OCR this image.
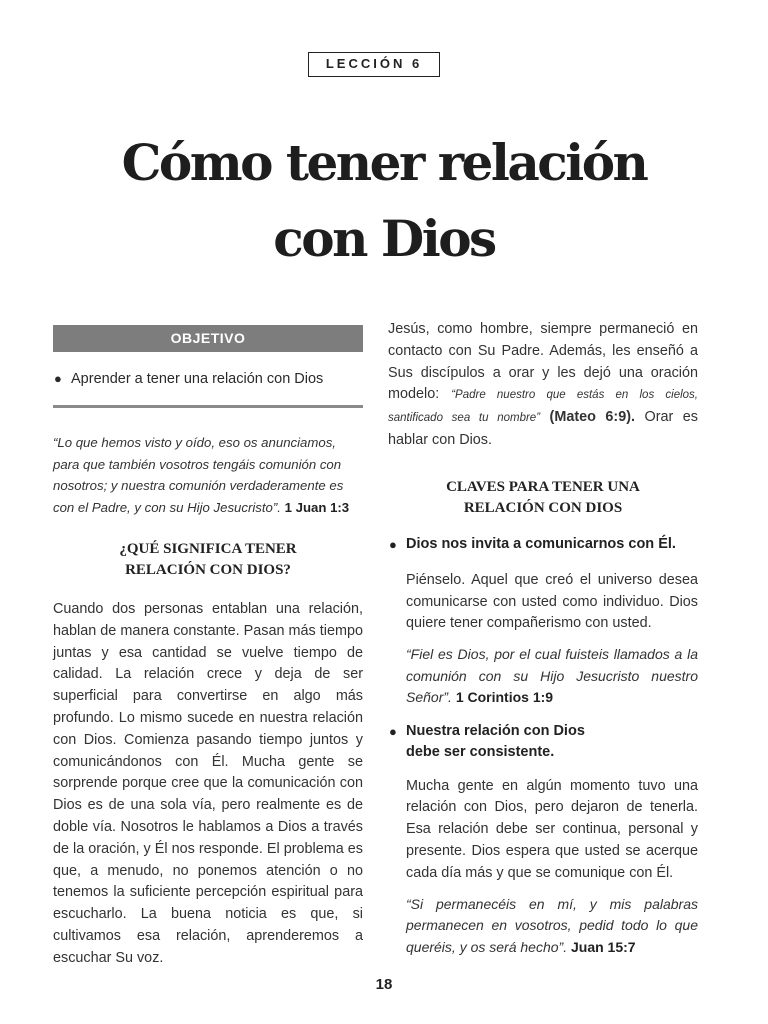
LECCIÓN 6
Cómo tener relación
con Dios
OBJETIVO
● Aprender a tener una relación con Dios

“Lo que hemos visto y oído, eso os anunciamos, para que también vosotros tengáis comunión con nosotros; y nuestra comunión verdaderamente es con el Padre, y con su Hijo Jesucristo”. 1 Juan 1:3

¿QUÉ SIGNIFICA TENER
RELACIÓN CON DIOS?

Cuando dos personas entablan una relación, hablan de manera constante. Pasan más tiempo juntas y esa cantidad se vuelve tiempo de calidad. La relación crece y deja de ser superficial para convertirse en algo más profundo. Lo mismo sucede en nuestra relación con Dios. Comienza pasando tiempo juntos y comunicándonos con Él. Mucha gente se sorprende porque cree que la comunicación con Dios es de una sola vía, pero realmente es de doble vía. Nosotros le hablamos a Dios a través de la oración, y Él nos responde. El problema es que, a menudo, no ponemos atención o no tenemos la suficiente percepción espiritual para escucharlo. La buena noticia es que, si cultivamos esa relación, aprenderemos a escuchar Su voz.

Jesús, como hombre, siempre permaneció en contacto con Su Padre. Además, les enseñó a Sus discípulos a orar y les dejó una oración modelo: “Padre nuestro que estás en los cielos, santificado sea tu nombre” (Mateo 6:9). Orar es hablar con Dios.

CLAVES PARA TENER UNA
RELACIÓN CON DIOS
● Dios nos invita a comunicarnos con Él.

Piénselo. Aquel que creó el universo desea comunicarse con usted como individuo. Dios quiere tener compañerismo con usted.

“Fiel es Dios, por el cual fuisteis llamados a la comunión con su Hijo Jesucristo nuestro Señor”. 1 Corintios 1:9

● Nuestra relación con Dios
debe ser consistente.

Mucha gente en algún momento tuvo una relación con Dios, pero dejaron de tenerla. Esa relación debe ser continua, personal y presente. Dios espera que usted se acerque cada día más y que se comunique con Él.

“Si permanecéis en mí, y mis palabras permanecen en vosotros, pedid todo lo que queréis, y os será hecho”. Juan 15:7

18
